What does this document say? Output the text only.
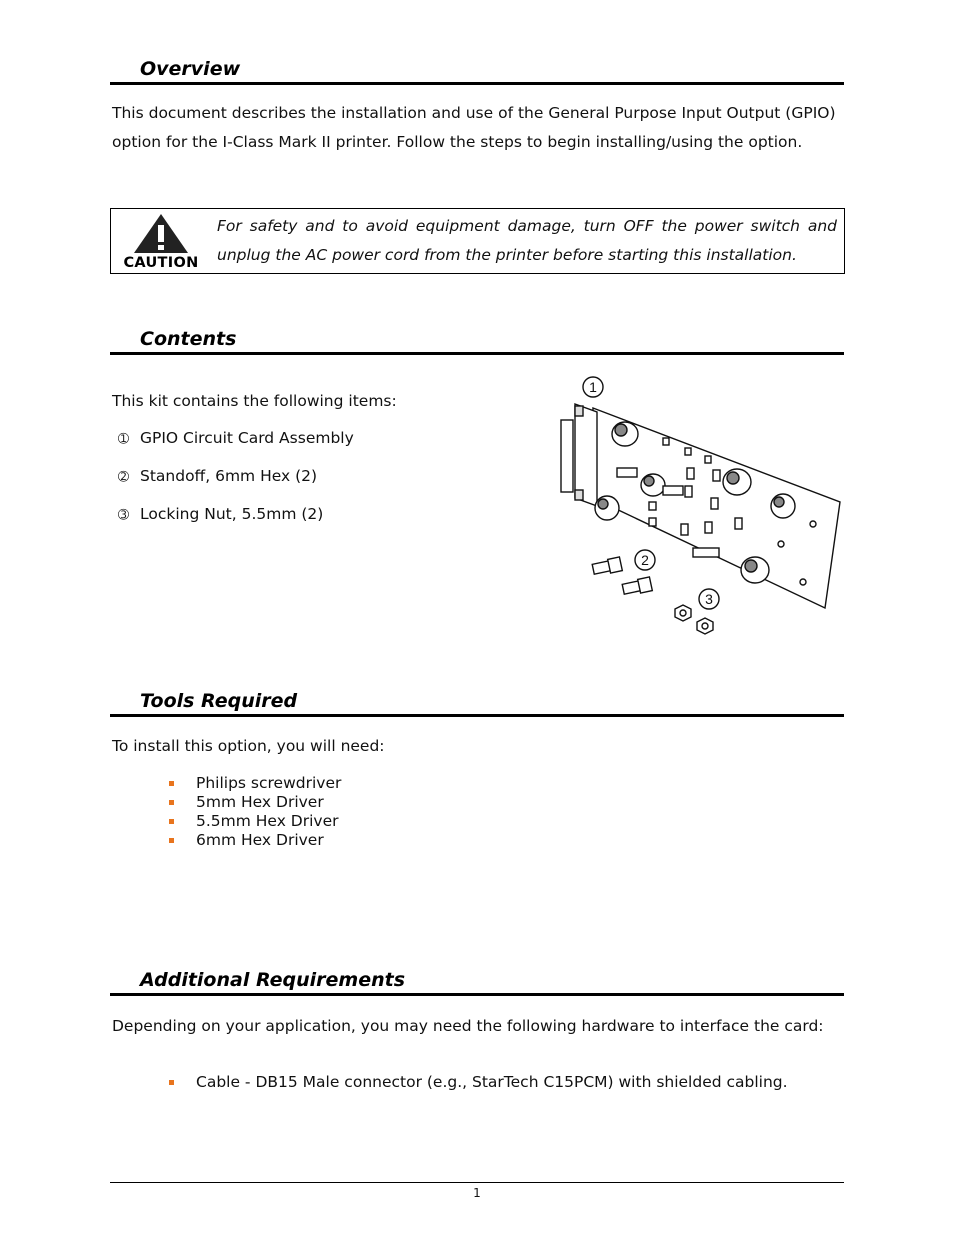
Overview
This document describes the installation and use of the General Purpose Input Output (GPIO) option for the I-Class Mark II printer. Follow the steps to begin installing/using the option.
CAUTION
For safety and to avoid equipment damage, turn OFF the power switch and unplug the AC power cord from the printer before starting this installation.
Contents
This kit contains the following items:
➀ GPIO Circuit Card Assembly
➁ Standoff, 6mm Hex (2)
➂ Locking Nut, 5.5mm (2)
1
2
3
Tools Required
To install this option, you will need:
Philips screwdriver
5mm Hex Driver
5.5mm Hex Driver
6mm Hex Driver
Additional Requirements
Depending on your application, you may need the following hardware to interface the card:
Cable - DB15 Male connector (e.g., StarTech C15PCM) with shielded cabling.
1
